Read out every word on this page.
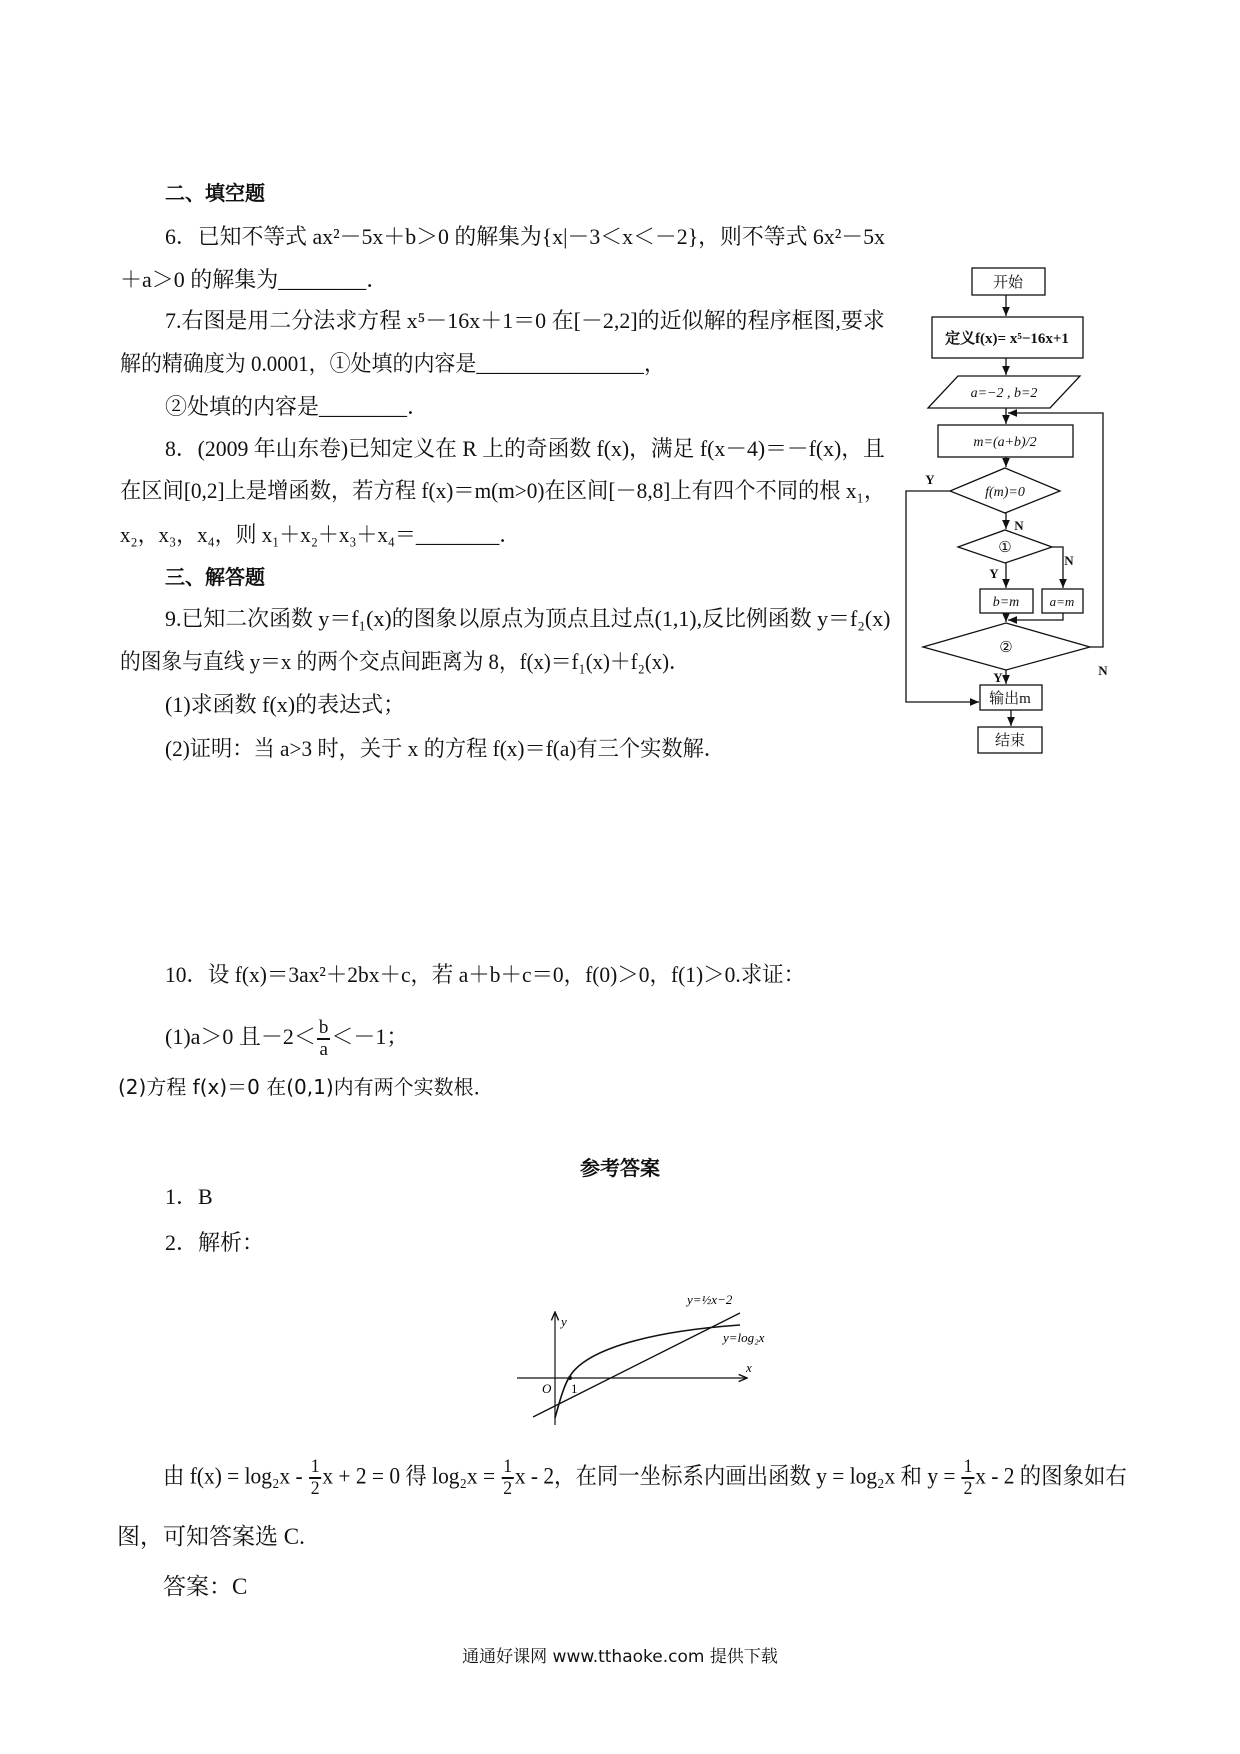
二、填空题
6．已知不等式 ax²－5x＋b＞0 的解集为{x|－3＜x＜－2}，则不等式 6x²－5x
＋a＞0 的解集为________．
7.右图是用二分法求方程 x⁵－16x＋1＝0 在[－2,2]的近似解的程序框图,要求
解的精确度为 0.0001，①处填的内容是________________，
②处填的内容是________．
8．(2009 年山东卷)已知定义在 R 上的奇函数 f(x)，满足 f(x－4)＝－f(x)，且
在区间[0,2]上是增函数，若方程 f(x)＝m(m>0)在区间[－8,8]上有四个不同的根 x₁，
x₂，x₃，x₄，则 x₁＋x₂＋x₃＋x₄＝________．
三、解答题
9.已知二次函数 y＝f₁(x)的图象以原点为顶点且过点(1,1),反比例函数 y＝f₂(x)
的图象与直线 y＝x 的两个交点间距离为 8，f(x)＝f₁(x)＋f₂(x)．
(1)求函数 f(x)的表达式；
(2)证明：当 a>3 时，关于 x 的方程 f(x)＝f(a)有三个实数解．
10．设 f(x)＝3ax²＋2bx＋c，若 a＋b＋c＝0，f(0)＞0，f(1)＞0.求证：
(1)a＞0 且$-2< \frac{b}{a} <-1$；
(2)方程 f(x)＝0 在(0,1)内有两个实数根．
参考答案
1．B
2．解析：
y=½x−2
y=log₂x
x
y
O 1
由 $f(x) = \log_2x - \frac{1}{2}$ x + 2 = 0 得 $\log_2x = \frac{1}{2}$ x - 2，在同一坐标系内画出函数 y = log₂x 和 $y = \frac{1}{2}$ x - 2 的图象如右
图，可知答案选 C.
答案：C
开始
定义f(x)= x⁵−16x+1
a=−2 , b=2
m=(a+b)/2
f(m)=0
①
b=m a=m
②
输出m
结束
Y
N
Y
N
N
Y
通通好课网 www.tthaoke.com 提供下载
